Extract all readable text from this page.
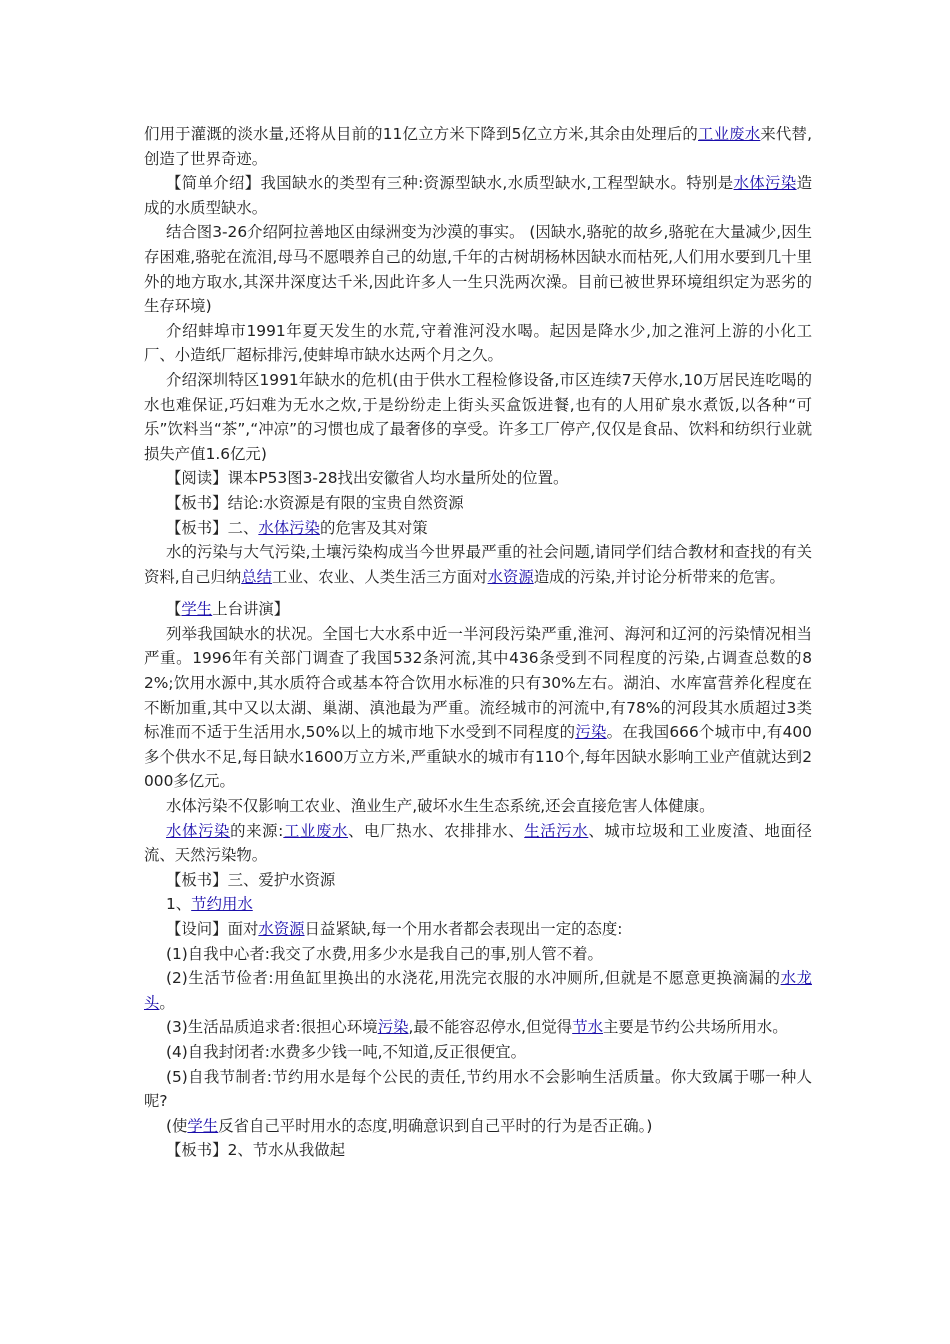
们用于灌溉的淡水量,还将从目前的11亿立方米下降到5亿立方米,其余由处理后的工业废水来代替,创造了世界奇迹。

【简单介绍】我国缺水的类型有三种:资源型缺水,水质型缺水,工程型缺水。特别是水体污染造成的水质型缺水。

结合图3-26介绍阿拉善地区由绿洲变为沙漠的事实。 (因缺水,骆驼的故乡,骆驼在大量减少,因生存困难,骆驼在流泪,母马不愿喂养自己的幼崽,千年的古树胡杨林因缺水而枯死,人们用水要到几十里外的地方取水,其深井深度达千米,因此许多人一生只洗两次澡。目前已被世界环境组织定为恶劣的生存环境)

介绍蚌埠市1991年夏天发生的水荒,守着淮河没水喝。起因是降水少,加之淮河上游的小化工厂、小造纸厂超标排污,使蚌埠市缺水达两个月之久。

介绍深圳特区1991年缺水的危机(由于供水工程检修设备,市区连续7天停水,10万居民连吃喝的水也难保证,巧妇难为无水之炊,于是纷纷走上街头买盒饭进餐,也有的人用矿泉水煮饭,以各种“可乐”饮料当“茶”,“冲凉”的习惯也成了最奢侈的享受。许多工厂停产,仅仅是食品、饮料和纺织行业就损失产值1.6亿元)

【阅读】课本P53图3-28找出安徽省人均水量所处的位置。

【板书】结论:水资源是有限的宝贵自然资源

【板书】二、水体污染的危害及其对策

水的污染与大气污染,土壤污染构成当今世界最严重的社会问题,请同学们结合教材和查找的有关资料,自己归纳总结工业、农业、人类生活三方面对水资源造成的污染,并讨论分析带来的危害。

【学生上台讲演】

列举我国缺水的状况。全国七大水系中近一半河段污染严重,淮河、海河和辽河的污染情况相当严重。1996年有关部门调查了我国532条河流,其中436条受到不同程度的污染,占调查总数的82%;饮用水源中,其水质符合或基本符合饮用水标准的只有30%左右。湖泊、水库富营养化程度在不断加重,其中又以太湖、巢湖、滇池最为严重。流经城市的河流中,有78%的河段其水质超过3类标准而不适于生活用水,50%以上的城市地下水受到不同程度的污染。在我国666个城市中,有400多个供水不足,每日缺水1600万立方米,严重缺水的城市有110个,每年因缺水影响工业产值就达到2000多亿元。

水体污染不仅影响工农业、渔业生产,破坏水生生态系统,还会直接危害人体健康。

水体污染的来源:工业废水、电厂热水、农排排水、生活污水、城市垃圾和工业废渣、地面径流、天然污染物。

【板书】三、爱护水资源

1、节约用水

【设问】面对水资源日益紧缺,每一个用水者都会表现出一定的态度:

(1)自我中心者:我交了水费,用多少水是我自己的事,别人管不着。

(2)生活节俭者:用鱼缸里换出的水浇花,用洗完衣服的水冲厕所,但就是不愿意更换滴漏的水龙头。

(3)生活品质追求者:很担心环境污染,最不能容忍停水,但觉得节水主要是节约公共场所用水。

(4)自我封闭者:水费多少钱一吨,不知道,反正很便宜。

(5)自我节制者:节约用水是每个公民的责任,节约用水不会影响生活质量。你大致属于哪一种人呢?

(使学生反省自己平时用水的态度,明确意识到自己平时的行为是否正确。)

【板书】2、节水从我做起
